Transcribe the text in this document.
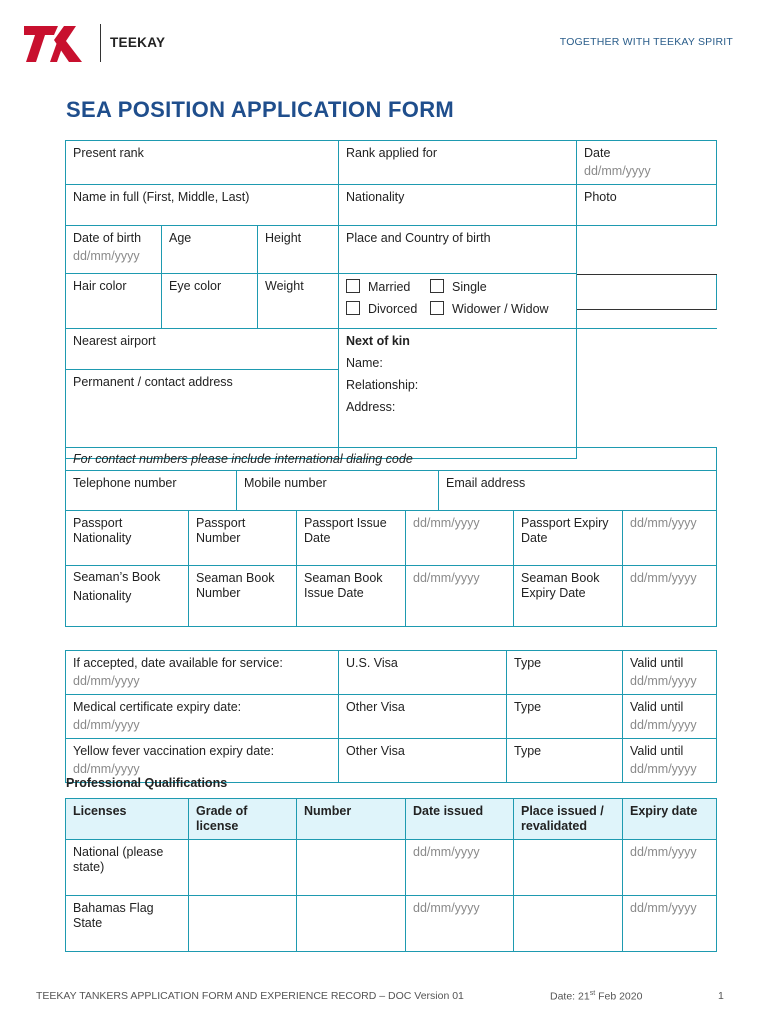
TEEKAY	TOGETHER WITH TEEKAY SPIRIT
SEA POSITION APPLICATION FORM
Present rank			Rank applied for	Date
dd/mm/yyyy

Name in full (First, Middle, Last)			Nationality	Photo
Date of birth
dd/mm/yyyy	Age	Height	Place and Country of birth	

Hair color	Eye color	Weight	Married Single
Divorced Widower / Widow	

Nearest airport			Next of kin
Name:
Relationship:
Address:	

Permanent / contact address				
For contact numbers please include international dialing code
Telephone number	Mobile number	Email address
Passport Nationality	Passport Number	Passport Issue Date	dd/mm/yyyy	Passport Expiry Date	dd/mm/yyyy

Seaman’s Book
Nationality	Seaman Book Number	Seaman Book Issue Date	dd/mm/yyyy	Seaman Book Expiry Date	dd/mm/yyyy
If accepted, date available for service:
dd/mm/yyyy	U.S. Visa	Type	Valid until
dd/mm/yyyy

Medical certificate expiry date:
dd/mm/yyyy	Other Visa	Type	Valid until
dd/mm/yyyy

Yellow fever vaccination expiry date:
dd/mm/yyyy	Other Visa	Type	Valid until
dd/mm/yyyy
Professional Qualifications
Licenses	Grade of license	Number	Date issued	Place issued / revalidated	Expiry date
National (please state)			dd/mm/yyyy		dd/mm/yyyy
Bahamas Flag State			dd/mm/yyyy		dd/mm/yyyy
TEEKAY TANKERS APPLICATION FORM AND EXPERIENCE RECORD – DOC Version 01	Date: 21st Feb 2020	1
